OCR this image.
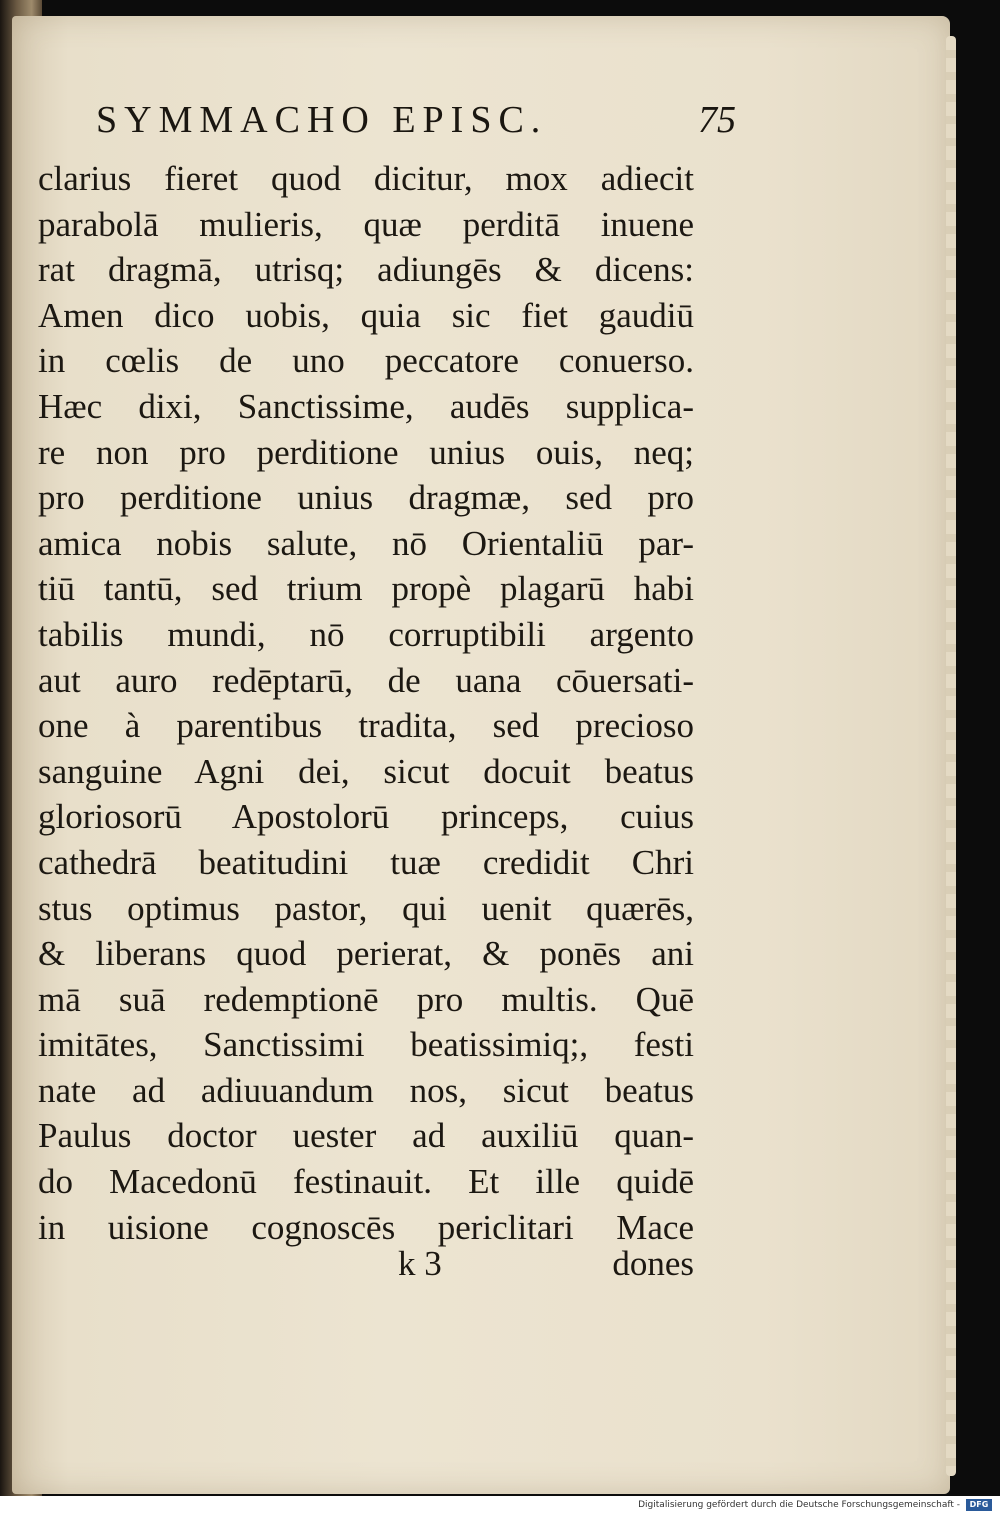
SYMMACHO EPISC.	75
clarius fieret quod dicitur, mox adiecit
parabolā mulieris, quæ perditā inuene
rat dragmā, utrisq; adiungēs & dicens:
Amen dico uobis, quia sic fiet gaudiū
in cœlis de uno peccatore conuerso.
Hæc dixi, Sanctissime, audēs supplica-
re non pro perditione unius ouis, neq;
pro perditione unius dragmæ, sed pro
amica nobis salute, nō Orientaliū par-
tiū tantū, sed trium propè plagarū habi
tabilis mundi, nō corruptibili argento
aut auro redēptarū, de uana cōuersati-
one à parentibus tradita, sed precioso
sanguine Agni dei, sicut docuit beatus
gloriosorū Apostolorū princeps, cuius
cathedrā beatitudini tuæ credidit Chri
stus optimus pastor, qui uenit quærēs,
& liberans quod perierat, & ponēs ani
mā suā redemptionē pro multis. Quē
imitātes, Sanctissimi beatissimiq;, festi
nate ad adiuuandum nos, sicut beatus
Paulus doctor uester ad auxiliū quan-
do Macedonū festinauit. Et ille quidē
in uisione cognoscēs periclitari Mace
k 3	dones
Digitalisierung gefördert durch die Deutsche Forschungsgemeinschaft -	DFG
